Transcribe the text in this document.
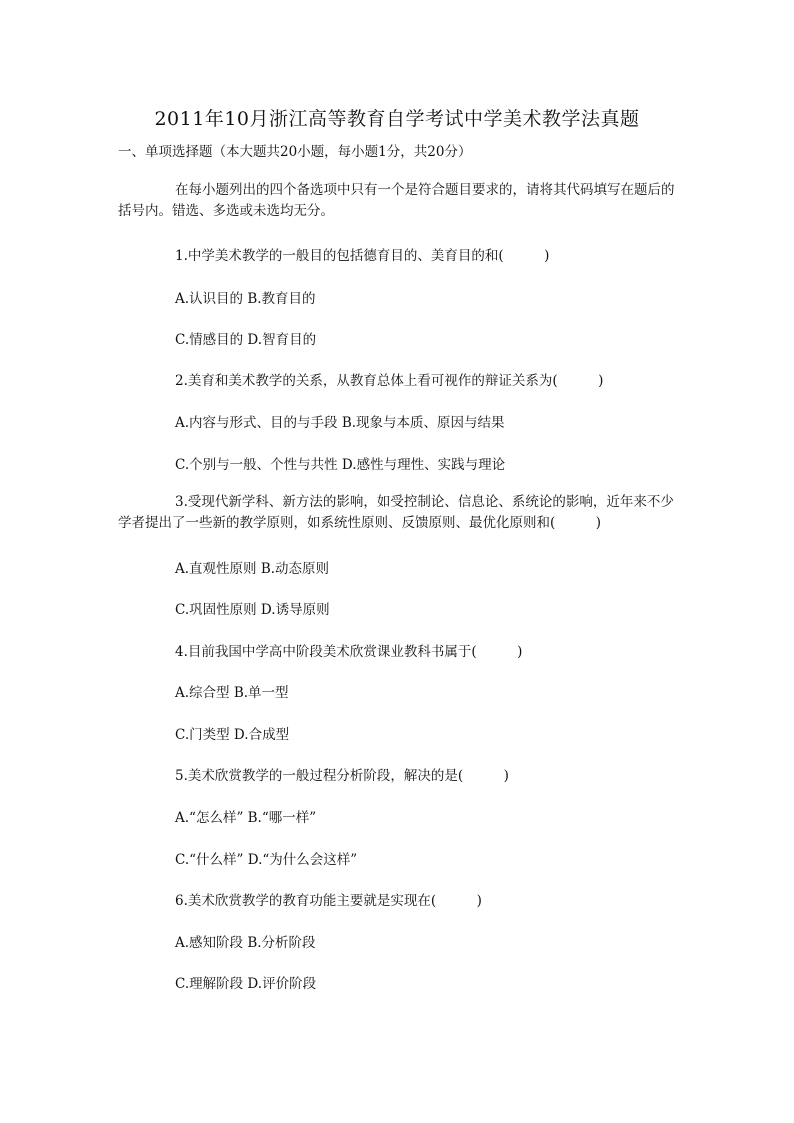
2011年10月浙江高等教育自学考试中学美术教学法真题
一、单项选择题（本大题共20小题，每小题1分，共20分）
在每小题列出的四个备选项中只有一个是符合题目要求的，请将其代码填写在题后的括号内。错选、多选或未选均无分。
1.中学美术教学的一般目的包括德育目的、美育目的和(　　　)
A.认识目的 B.教育目的
C.情感目的 D.智育目的
2.美育和美术教学的关系，从教育总体上看可视作的辩证关系为(　　　)
A.内容与形式、目的与手段 B.现象与本质、原因与结果
C.个别与一般、个性与共性 D.感性与理性、实践与理论
3.受现代新学科、新方法的影响，如受控制论、信息论、系统论的影响，近年来不少学者提出了一些新的教学原则，如系统性原则、反馈原则、最优化原则和(　　　)
A.直观性原则 B.动态原则
C.巩固性原则 D.诱导原则
4.目前我国中学高中阶段美术欣赏课业教科书属于(　　　)
A.综合型 B.单一型
C.门类型 D.合成型
5.美术欣赏教学的一般过程分析阶段，解决的是(　　　)
A.“怎么样” B.“哪一样”
C.“什么样” D.“为什么会这样”
6.美术欣赏教学的教育功能主要就是实现在(　　　)
A.感知阶段 B.分析阶段
C.理解阶段 D.评价阶段
